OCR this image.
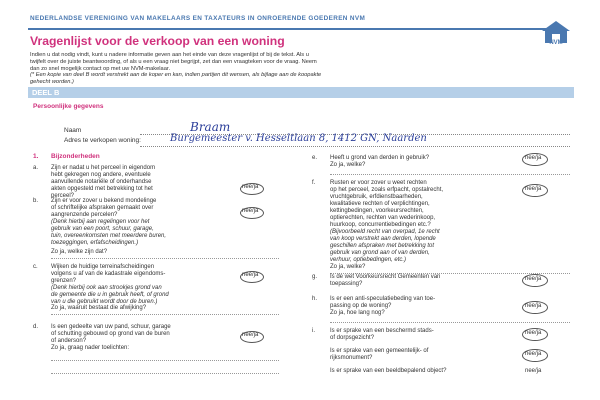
NEDERLANDSE VERENIGING VAN MAKELAARS EN TAXATEURS IN ONROERENDE GOEDEREN NVM
NVM
Vragenlijst voor de verkoop van een woning

Indien u dat nodig vindt, kunt u nadere informatie geven aan het einde van deze vragenlijst of bij de tekst. Als u

twijfelt over de juiste beantwoording, of als u een vraag niet begrijpt, zet dan een vraagteken voor de vraag. Neem

dan zo snel mogelijk contact op met uw NVM-makelaar.

(* Een kopie van deel B wordt verstrekt aan de koper en kan, indien partijen dit wensen, als bijlage aan de koopakte

gehecht worden.)

DEEL B
Persoonlijke gegevens
Naam	Braam
Adres te verkopen woning:	Burgemeester v. Hesseltlaan 8, 1412 GN, Naarden
1. Bijzonderheden
a. Zijn er nadat u het perceel in eigendom
hebt gekregen nog andere, eventuele
aanvullende notariële of onderhandse
akten opgesteld met betrekking tot het
perceel?
nee/ja
b. Zijn er voor zover u bekend mondelinge
of schriftelijke afspraken gemaakt over
aangrenzende percelen?
(Denk hierbij aan regelingen voor het
gebruik van een poort, schuur, garage,
tuin, overeenkomsten met meerdere buren,
toezeggingen, erfafscheidingen.)
nee/ja
Zo ja, welke zijn dat?
c. Wijken de huidige terreinafscheidingen
volgens u af van de kadastrale eigendoms-
grenzen?
(Denk hierbij ook aan strookjes grond van
de gemeente die u in gebruik heeft, of grond
van u die gebruikt wordt door de buren.)
nee/ja
Zo ja, waaruit bestaat die afwijking?
d. Is een gedeelte van uw pand, schuur, garage
of schutting gebouwd op grond van de buren
of anderson?
nee/ja
Zo ja, graag nader toelichten:
e. Heeft u grond van derden in gebruik?
Zo ja, welke?
nee/ja
f. Rusten er voor zover u weet rechten
op het perceel, zoals erfpacht, opstalrecht,
vruchtgebruik, erfdienstbaarheden,
kwalitatieve rechten of verplichtingen,
kettingbedingen, voorkeursrechten,
optierechten, rechten van wederinkoop,
huurkoop, concurrentiebedingen etc.?
(Bijvoorbeeld recht van overpad, 1e recht
van koop verstrekt aan derden, lopende
geschillen afspraken met betrekking tot
gebruik van grond aan of van derden,
verhuur, optiebedingen, etc.)
nee/ja
Zo ja, welke?
g. Is de wet Voorkeursrecht Gemeenten van
toepassing?
nee/ja
h. Is er een anti-speculatiebeding van toe-
passing op de woning?
Zo ja, hoe lang nog?
nee/ja
i.	Is er sprake van een beschermd stads-
of dorpsgezicht?
nee/ja
Is er sprake van een gemeentelijk- of
rijksmonument?
nee/ja
Is er sprake van een beeldbepalend object?	nee/ja
